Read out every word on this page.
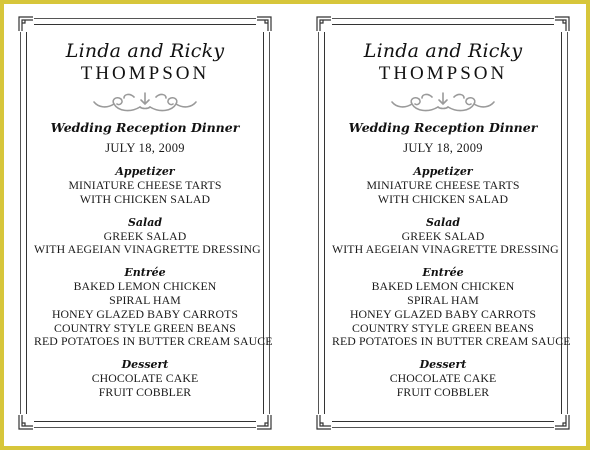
Linda and Ricky
THOMPSON
Wedding Reception Dinner
JULY 18, 2009
Appetizer
MINIATURE CHEESE TARTS
WITH CHICKEN SALAD
Salad
GREEK SALAD
WITH AEGEIAN VINAGRETTE DRESSING
Entrée
BAKED LEMON CHICKEN
SPIRAL HAM
HONEY GLAZED BABY CARROTS
COUNTRY STYLE GREEN BEANS
RED POTATOES IN BUTTER CREAM SAUCE
Dessert
CHOCOLATE CAKE
FRUIT COBBLER
Linda and Ricky
THOMPSON
Wedding Reception Dinner
JULY 18, 2009
Appetizer
MINIATURE CHEESE TARTS
WITH CHICKEN SALAD
Salad
GREEK SALAD
WITH AEGEIAN VINAGRETTE DRESSING
Entrée
BAKED LEMON CHICKEN
SPIRAL HAM
HONEY GLAZED BABY CARROTS
COUNTRY STYLE GREEN BEANS
RED POTATOES IN BUTTER CREAM SAUCE
Dessert
CHOCOLATE CAKE
FRUIT COBBLER
